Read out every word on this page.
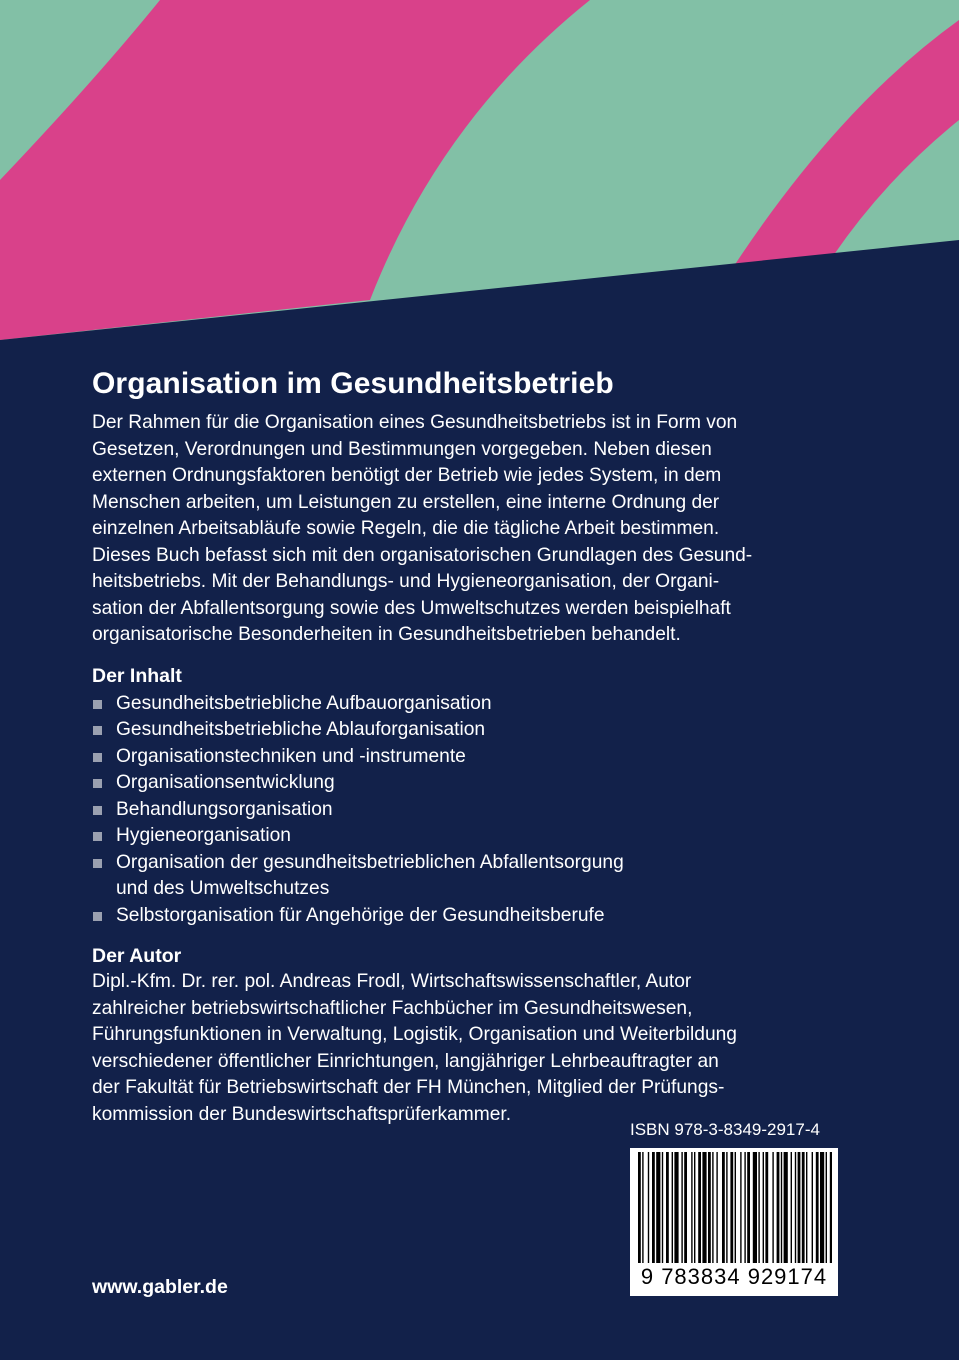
Organisation im Gesundheitsbetrieb
Der Rahmen für die Organisation eines Gesundheitsbetriebs ist in Form von
Gesetzen, Verordnungen und Bestimmungen vorgegeben. Neben diesen
externen Ordnungsfaktoren benötigt der Betrieb wie jedes System, in dem
Menschen arbeiten, um Leistungen zu erstellen, eine interne Ordnung der
einzelnen Arbeitsabläufe sowie Regeln, die die tägliche Arbeit bestimmen.
Dieses Buch befasst sich mit den organisatorischen Grundlagen des Gesund-
heitsbetriebs. Mit der Behandlungs- und Hygieneorganisation, der Organi-
sation der Abfallentsorgung sowie des Umweltschutzes werden beispielhaft
organisatorische Besonderheiten in Gesundheitsbetrieben behandelt.
Der Inhalt
Gesundheitsbetriebliche Aufbauorganisation
Gesundheitsbetriebliche Ablauforganisation
Organisationstechniken und -instrumente
Organisationsentwicklung
Behandlungsorganisation
Hygieneorganisation
Organisation der gesundheitsbetrieblichen Abfallentsorgung
und des Umweltschutzes
Selbstorganisation für Angehörige der Gesundheitsberufe
Der Autor
Dipl.-Kfm. Dr. rer. pol. Andreas Frodl, Wirtschaftswissenschaftler, Autor
zahlreicher betriebswirtschaftlicher Fachbücher im Gesundheitswesen,
Führungsfunktionen in Verwaltung, Logistik, Organisation und Weiterbildung
verschiedener öffentlicher Einrichtungen, langjähriger Lehrbeauftragter an
der Fakultät für Betriebswirtschaft der FH München, Mitglied der Prüfungs-
kommission der Bundeswirtschaftsprüferkammer.
ISBN 978-3-8349-2917-4
9 783834 929174
www.gabler.de
